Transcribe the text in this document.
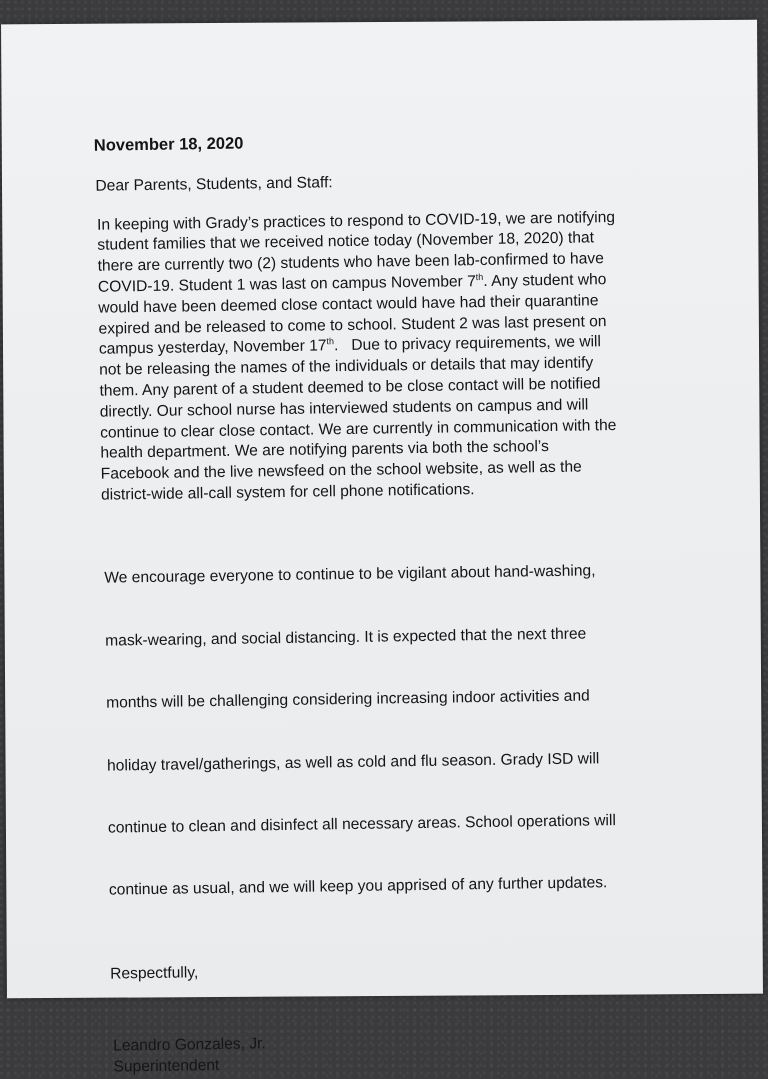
November 18, 2020
Dear Parents, Students, and Staff:
In keeping with Grady’s practices to respond to COVID-19, we are notifying
student families that we received notice today (November 18, 2020) that
there are currently two (2) students who have been lab-confirmed to have
COVID-19. Student 1 was last on campus November 7th. Any student who
would have been deemed close contact would have had their quarantine
expired and be released to come to school. Student 2 was last present on
campus yesterday, November 17th.   Due to privacy requirements, we will
not be releasing the names of the individuals or details that may identify
them. Any parent of a student deemed to be close contact will be notified
directly. Our school nurse has interviewed students on campus and will
continue to clear close contact. We are currently in communication with the
health department. We are notifying parents via both the school’s
Facebook and the live newsfeed on the school website, as well as the
district-wide all-call system for cell phone notifications.

We encourage everyone to continue to be vigilant about hand-washing,

mask-wearing, and social distancing. It is expected that the next three

months will be challenging considering increasing indoor activities and

holiday travel/gatherings, as well as cold and flu season. Grady ISD will

continue to clean and disinfect all necessary areas. School operations will

continue as usual, and we will keep you apprised of any further updates.

Respectfully,
Leandro Gonzales, Jr.
Superintendent
